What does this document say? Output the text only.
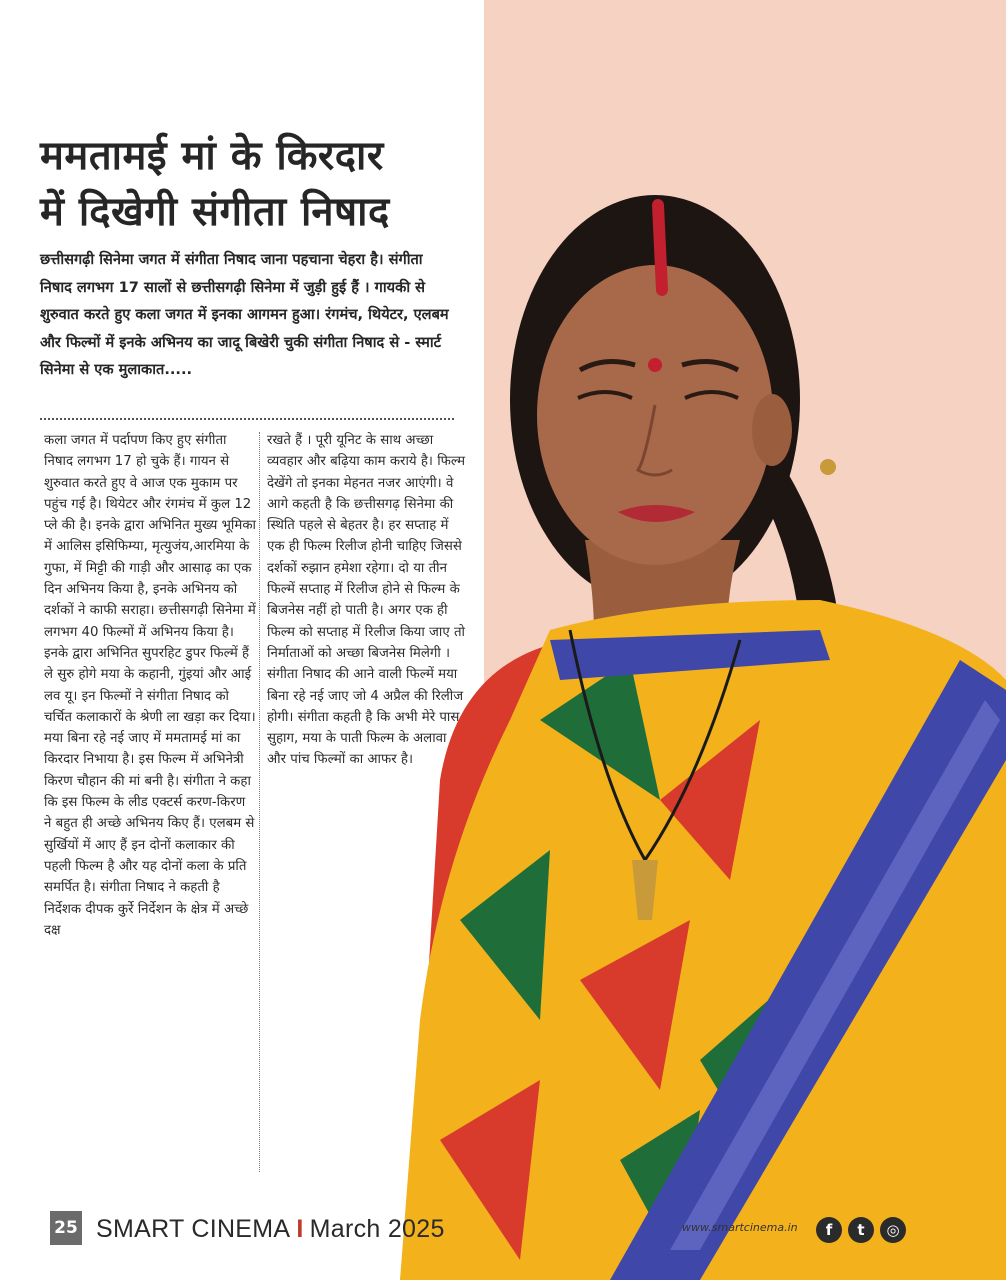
ममतामई मां के किरदार
में दिखेगी संगीता निषाद

छत्तीसगढ़ी सिनेमा जगत में संगीता निषाद जाना पहचाना चेहरा है। संगीता निषाद लगभग 17 सालों से छत्तीसगढ़ी सिनेमा में जुड़ी हुई हैं । गायकी से शुरुवात करते हुए कला जगत में इनका आगमन हुआ। रंगमंच, थियेटर, एलबम और फिल्मों में इनके अभिनय का जादू बिखेरी चुकी संगीता निषाद से - स्मार्ट सिनेमा से एक मुलाकात.....

कला जगत में पर्दापण किए हुए संगीता निषाद लगभग 17 हो चुके हैं। गायन से शुरुवात करते हुए वे आज एक मुकाम पर पहुंच गई है। थियेटर और रंगमंच में कुल 12 प्ले की है। इनके द्वारा अभिनित मुख्य भूमिका में आलिस इसिफिम्या, मृत्युजंय,आरमिया के गुफा, में मिट्टी की गाड़ी और आसाढ़ का एक दिन अभिनय किया है, इनके अभिनय को दर्शकों ने काफी सराहा। छत्तीसगढ़ी सिनेमा में लगभग 40 फिल्मों में अभिनय किया है। इनके द्वारा अभिनित सुपरहिट डुपर फिल्में हैं ले सुरु होगे मया के कहानी, गुंइयां और आई लव यू। इन फिल्मों ने संगीता निषाद को चर्चित कलाकारों के श्रेणी ला खड़ा कर दिया। मया बिना रहे नई जाए में ममतामई मां का किरदार निभाया है। इस फिल्म में अभिनेत्री किरण चौहान की मां बनी है। संगीता ने कहा कि इस फिल्म के लीड एक्टर्स करण-किरण ने बहुत ही अच्छे अभिनय किए हैं। एलबम से सुर्खियों में आए हैं इन दोनों कलाकार की पहली फिल्म है और यह दोनों कला के प्रति समर्पित है। संगीता निषाद ने कहती है निर्देशक दीपक कुर्रे निर्देशन के क्षेत्र में अच्छे दक्ष

रखते हैं । पूरी यूनिट के साथ अच्छा व्यवहार और बढ़िया काम कराये है। फिल्म देखेंगे तो इनका मेहनत नजर आएंगी। वे आगे कहती है कि छत्तीसगढ़ सिनेमा की स्थिति पहले से बेहतर है। हर सप्ताह में एक ही फिल्म रिलीज होनी चाहिए जिससे दर्शकों रुझान हमेशा रहेगा। दो या तीन फिल्में सप्ताह में रिलीज होने से फिल्म के बिजनेस नहीं हो पाती है। अगर एक ही फिल्म को सप्ताह में रिलीज किया जाए तो निर्माताओं को अच्छा बिजनेस मिलेगी । संगीता निषाद की आने वाली फिल्में मया बिना रहे नई जाए जो 4 अप्रैल की रिलीज होगी। संगीता कहती है कि अभी मेरे पास सुहाग, मया के पाती फिल्म के अलावा और पांच फिल्मों का आफर है।

25 SMART CINEMA I March 2025	www.smartcinema.in	f	t	◎
